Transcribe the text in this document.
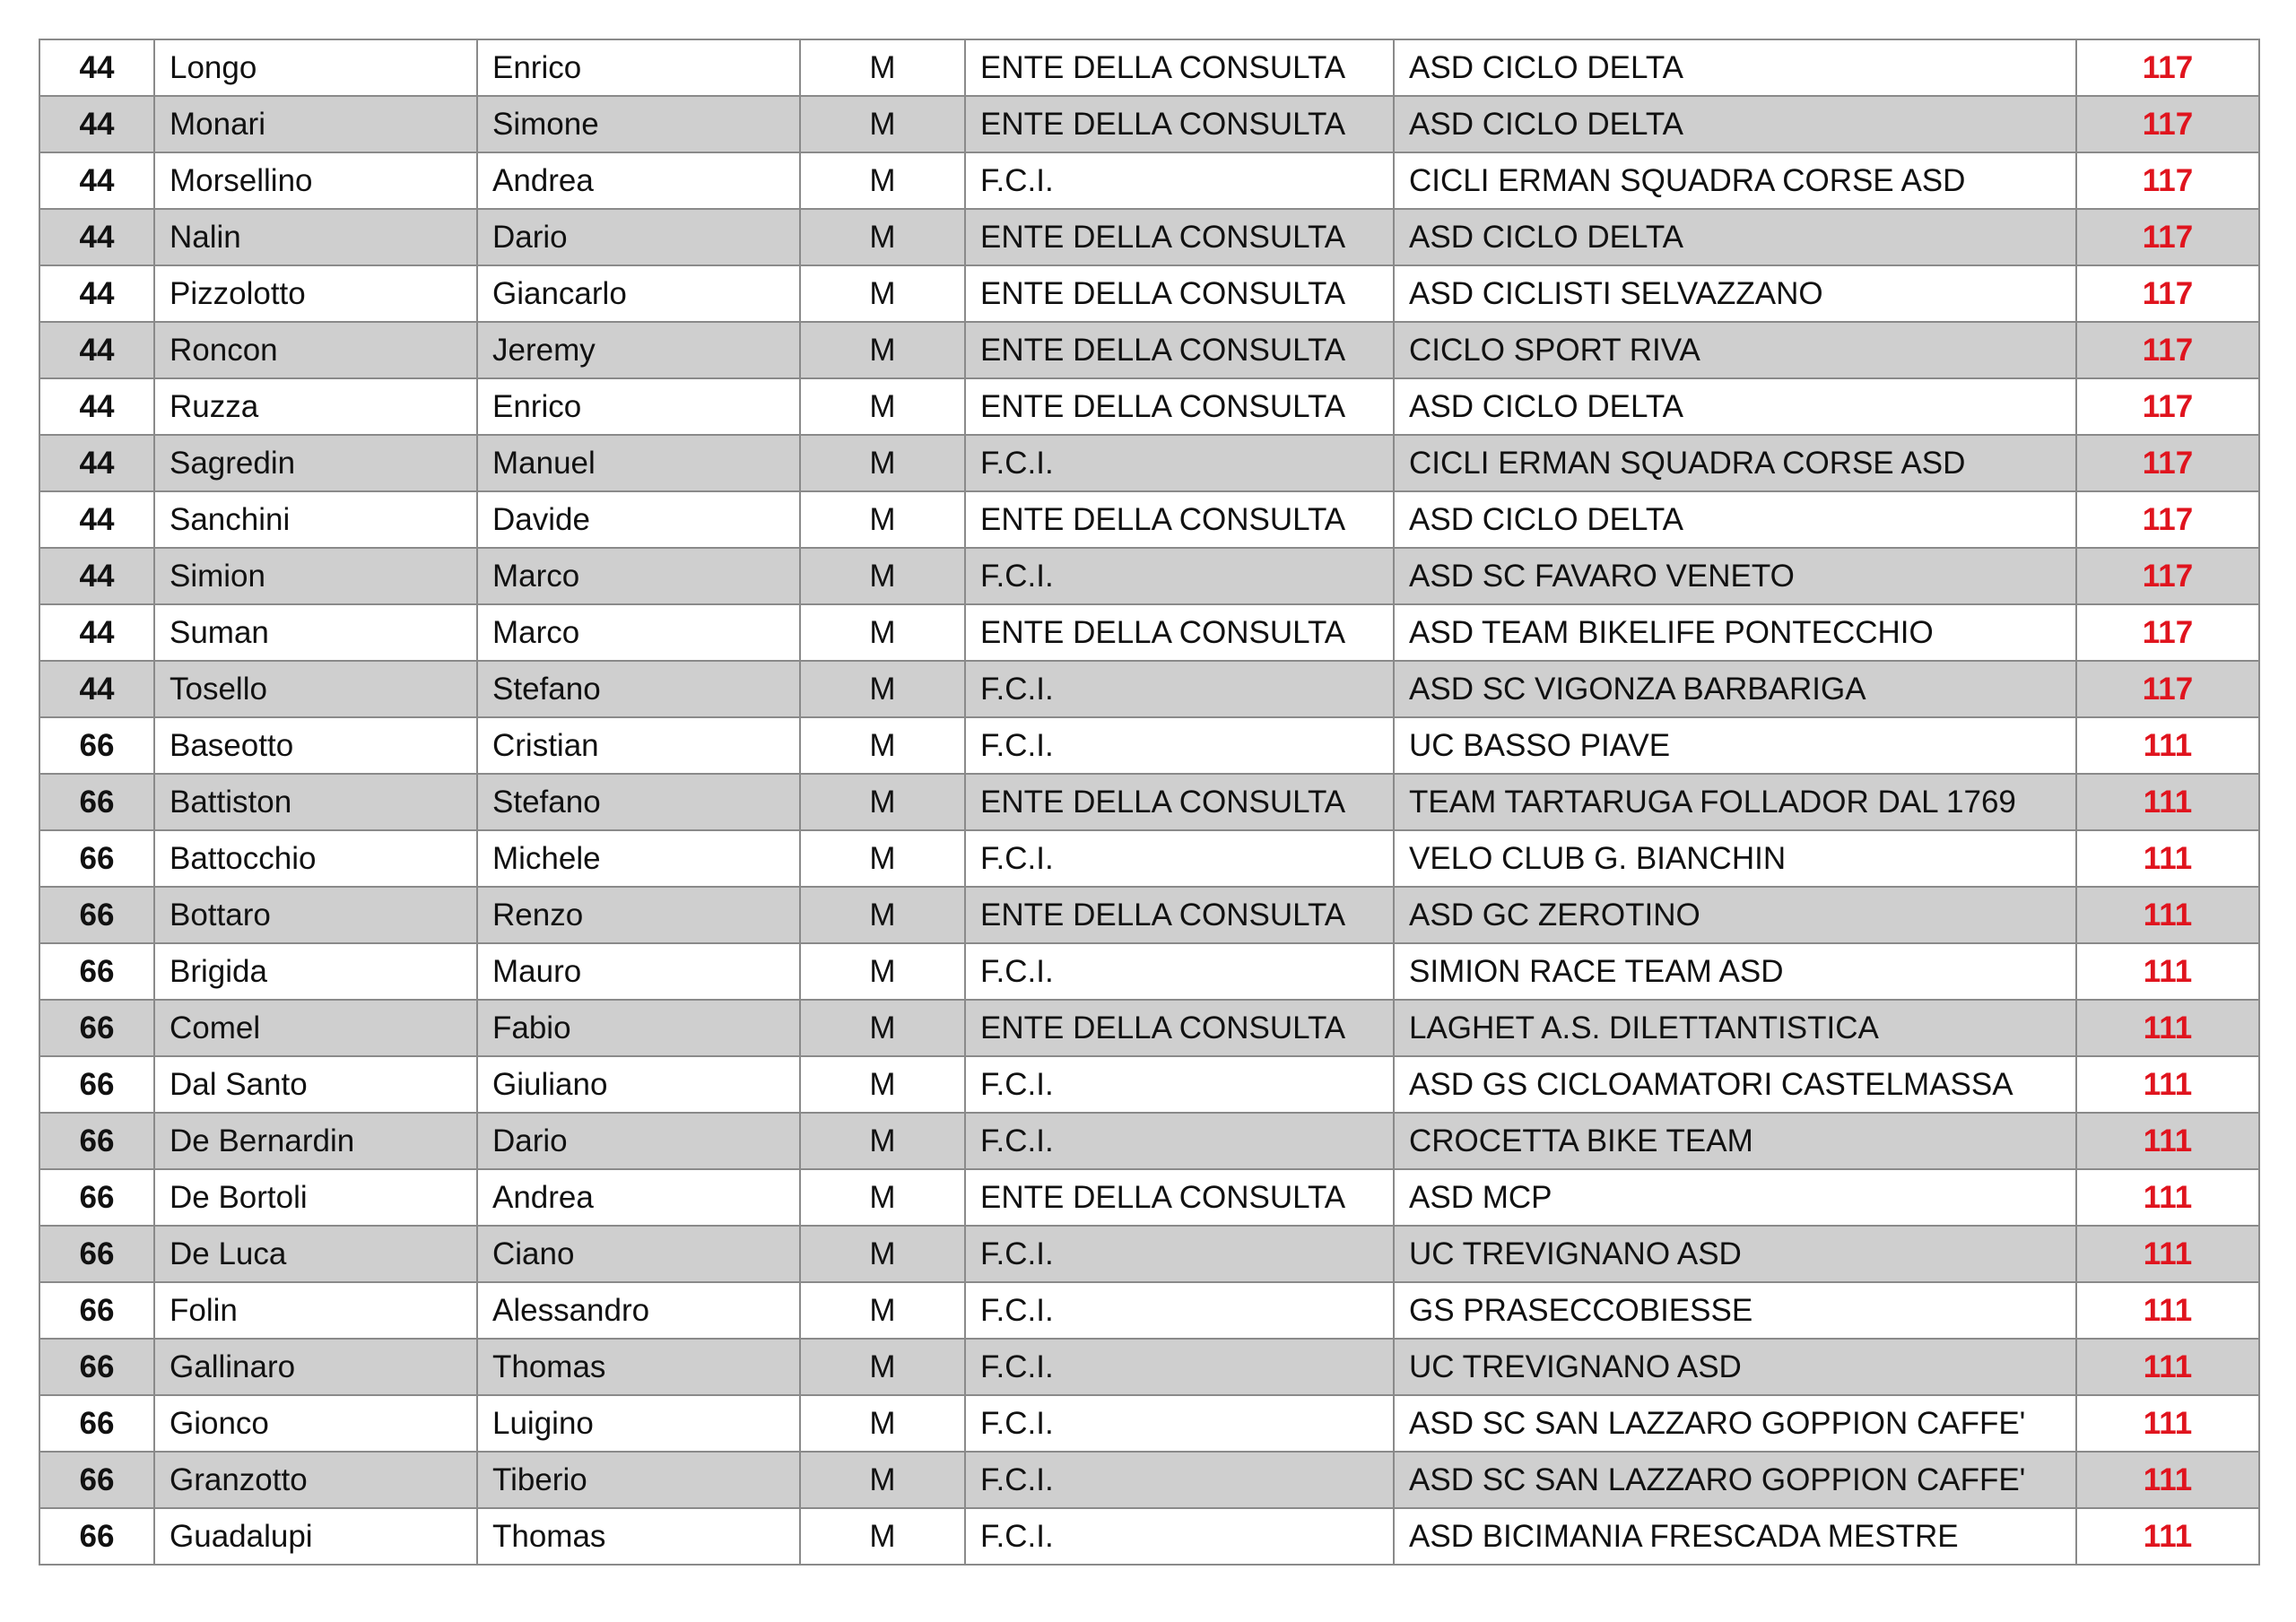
44	Longo	Enrico	M	ENTE DELLA CONSULTA	ASD CICLO DELTA	117
44	Monari	Simone	M	ENTE DELLA CONSULTA	ASD CICLO DELTA	117
44	Morsellino	Andrea	M	F.C.I.	CICLI ERMAN SQUADRA CORSE ASD	117
44	Nalin	Dario	M	ENTE DELLA CONSULTA	ASD CICLO DELTA	117
44	Pizzolotto	Giancarlo	M	ENTE DELLA CONSULTA	ASD CICLISTI SELVAZZANO	117
44	Roncon	Jeremy	M	ENTE DELLA CONSULTA	CICLO SPORT RIVA	117
44	Ruzza	Enrico	M	ENTE DELLA CONSULTA	ASD CICLO DELTA	117
44	Sagredin	Manuel	M	F.C.I.	CICLI ERMAN SQUADRA CORSE ASD	117
44	Sanchini	Davide	M	ENTE DELLA CONSULTA	ASD CICLO DELTA	117
44	Simion	Marco	M	F.C.I.	ASD SC FAVARO VENETO	117
44	Suman	Marco	M	ENTE DELLA CONSULTA	ASD TEAM BIKELIFE PONTECCHIO	117
44	Tosello	Stefano	M	F.C.I.	ASD SC VIGONZA BARBARIGA	117
66	Baseotto	Cristian	M	F.C.I.	UC BASSO PIAVE	111
66	Battiston	Stefano	M	ENTE DELLA CONSULTA	TEAM TARTARUGA FOLLADOR DAL 1769	111
66	Battocchio	Michele	M	F.C.I.	VELO CLUB G. BIANCHIN	111
66	Bottaro	Renzo	M	ENTE DELLA CONSULTA	ASD GC ZEROTINO	111
66	Brigida	Mauro	M	F.C.I.	SIMION RACE TEAM ASD	111
66	Comel	Fabio	M	ENTE DELLA CONSULTA	LAGHET A.S. DILETTANTISTICA	111
66	Dal Santo	Giuliano	M	F.C.I.	ASD GS CICLOAMATORI CASTELMASSA	111
66	De Bernardin	Dario	M	F.C.I.	CROCETTA BIKE TEAM	111
66	De Bortoli	Andrea	M	ENTE DELLA CONSULTA	ASD MCP	111
66	De Luca	Ciano	M	F.C.I.	UC TREVIGNANO ASD	111
66	Folin	Alessandro	M	F.C.I.	GS PRASECCOBIESSE	111
66	Gallinaro	Thomas	M	F.C.I.	UC TREVIGNANO ASD	111
66	Gionco	Luigino	M	F.C.I.	ASD SC SAN LAZZARO GOPPION CAFFE'	111
66	Granzotto	Tiberio	M	F.C.I.	ASD SC SAN LAZZARO GOPPION CAFFE'	111
66	Guadalupi	Thomas	M	F.C.I.	ASD BICIMANIA FRESCADA MESTRE	111
